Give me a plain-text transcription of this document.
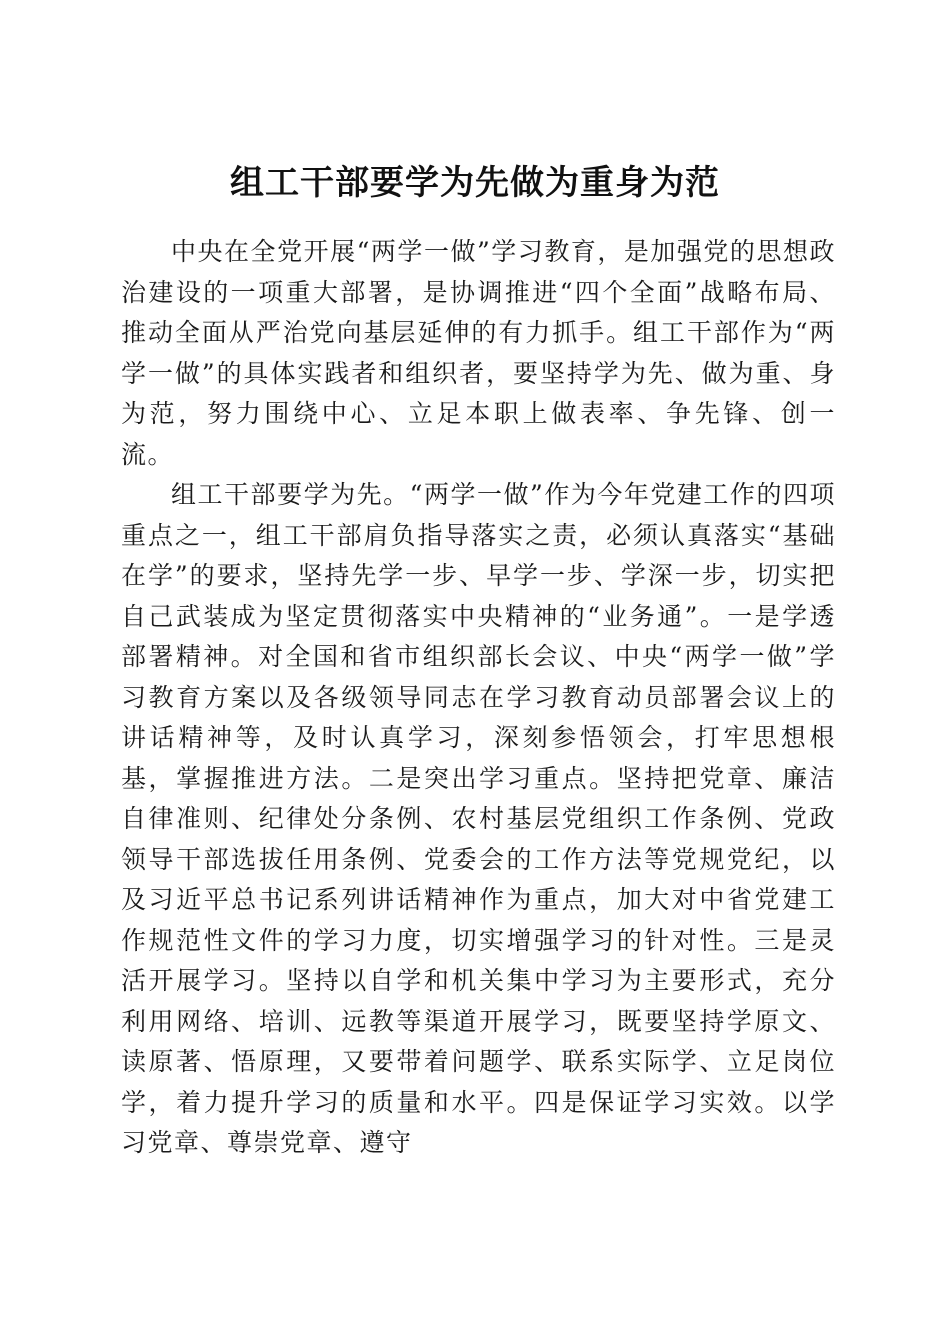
组工干部要学为先做为重身为范

中央在全党开展“两学一做”学习教育，是加强党的思想政治建设的一项重大部署，是协调推进“四个全面”战略布局、推动全面从严治党向基层延伸的有力抓手。组工干部作为“两学一做”的具体实践者和组织者，要坚持学为先、做为重、身为范，努力围绕中心、立足本职上做表率、争先锋、创一流。

组工干部要学为先。“两学一做”作为今年党建工作的四项重点之一，组工干部肩负指导落实之责，必须认真落实“基础在学”的要求，坚持先学一步、早学一步、学深一步，切实把自己武装成为坚定贯彻落实中央精神的“业务通”。一是学透部署精神。对全国和省市组织部长会议、中央“两学一做”学习教育方案以及各级领导同志在学习教育动员部署会议上的讲话精神等，及时认真学习，深刻参悟领会，打牢思想根基，掌握推进方法。二是突出学习重点。坚持把党章、廉洁自律准则、纪律处分条例、农村基层党组织工作条例、党政领导干部选拔任用条例、党委会的工作方法等党规党纪，以及习近平总书记系列讲话精神作为重点，加大对中省党建工作规范性文件的学习力度，切实增强学习的针对性。三是灵活开展学习。坚持以自学和机关集中学习为主要形式，充分利用网络、培训、远教等渠道开展学习，既要坚持学原文、读原著、悟原理，又要带着问题学、联系实际学、立足岗位学，着力提升学习的质量和水平。四是保证学习实效。以学习党章、尊崇党章、遵守
